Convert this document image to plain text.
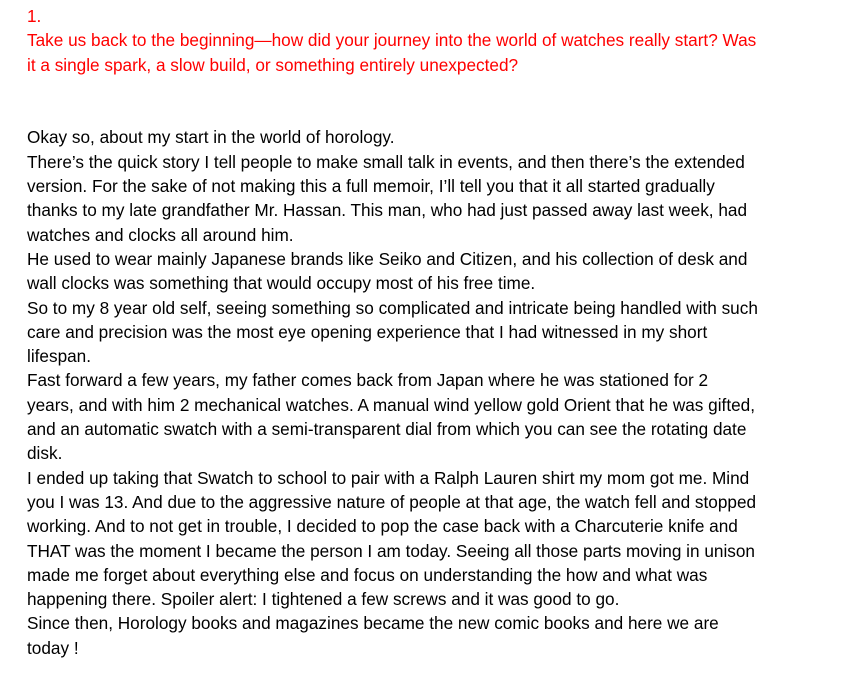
1.
Take us back to the beginning—how did your journey into the world of watches really start? Was
it a single spark, a slow build, or something entirely unexpected?
Okay so, about my start in the world of horology.
There’s the quick story I tell people to make small talk in events, and then there’s the extended
version. For the sake of not making this a full memoir, I’ll tell you that it all started gradually
thanks to my late grandfather Mr. Hassan. This man, who had just passed away last week, had
watches and clocks all around him.
He used to wear mainly Japanese brands like Seiko and Citizen, and his collection of desk and
wall clocks was something that would occupy most of his free time.
So to my 8 year old self, seeing something so complicated and intricate being handled with such
care and precision was the most eye opening experience that I had witnessed in my short
lifespan.
Fast forward a few years, my father comes back from Japan where he was stationed for 2
years, and with him 2 mechanical watches. A manual wind yellow gold Orient that he was gifted,
and an automatic swatch with a semi-transparent dial from which you can see the rotating date
disk.
I ended up taking that Swatch to school to pair with a Ralph Lauren shirt my mom got me. Mind
you I was 13. And due to the aggressive nature of people at that age, the watch fell and stopped
working. And to not get in trouble, I decided to pop the case back with a Charcuterie knife and
THAT was the moment I became the person I am today. Seeing all those parts moving in unison
made me forget about everything else and focus on understanding the how and what was
happening there. Spoiler alert: I tightened a few screws and it was good to go.
Since then, Horology books and magazines became the new comic books and here we are
today !
